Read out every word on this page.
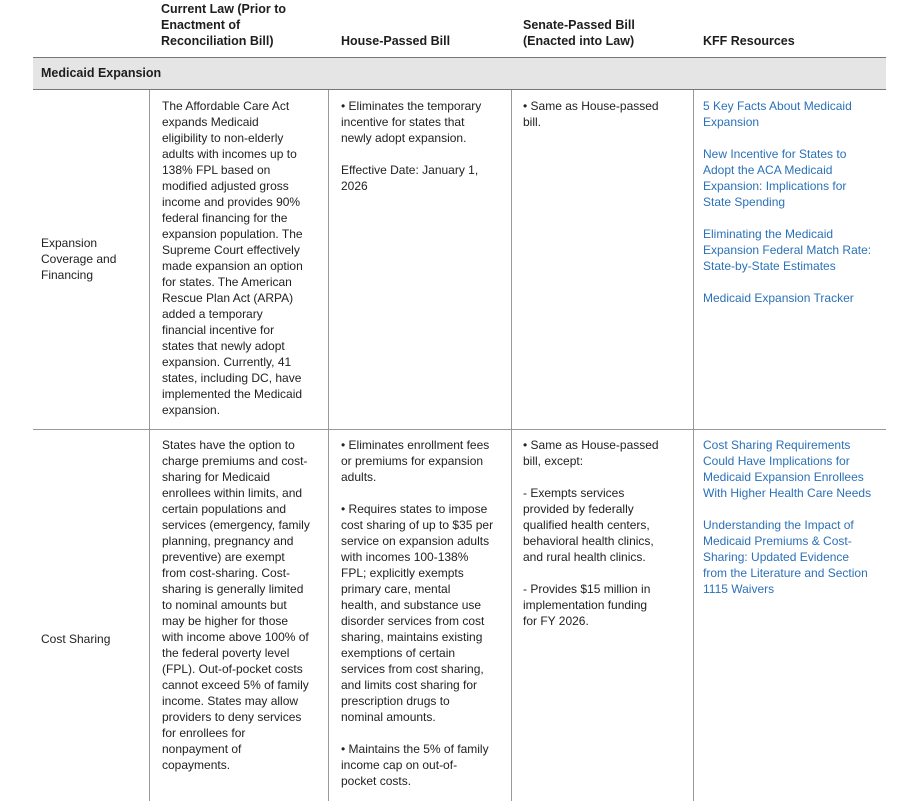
Current Law (Prior to
Enactment of
Reconciliation Bill)	House-Passed Bill
Senate-Passed Bill
(Enacted into Law)	KFF Resources
Medicaid Expansion
Expansion
Coverage and
Financing
The Affordable Care Act
expands Medicaid
eligibility to non-elderly
adults with incomes up to
138% FPL based on
modified adjusted gross
income and provides 90%
federal financing for the
expansion population. The
Supreme Court effectively
made expansion an option
for states. The American
Rescue Plan Act (ARPA)
added a temporary
financial incentive for
states that newly adopt
expansion. Currently, 41
states, including DC, have
implemented the Medicaid
expansion.
• Eliminates the temporary
incentive for states that
newly adopt expansion.

Effective Date: January 1,
2026
• Same as House-passed
bill.
5 Key Facts About Medicaid
Expansion
New Incentive for States to
Adopt the ACA Medicaid
Expansion: Implications for
State Spending
Eliminating the Medicaid
Expansion Federal Match Rate:
State-by-State Estimates
Medicaid Expansion Tracker
Cost Sharing
States have the option to
charge premiums and cost-
sharing for Medicaid
enrollees within limits, and
certain populations and
services (emergency, family
planning, pregnancy and
preventive) are exempt
from cost-sharing. Cost-
sharing is generally limited
to nominal amounts but
may be higher for those
with income above 100% of
the federal poverty level
(FPL). Out-of-pocket costs
cannot exceed 5% of family
income. States may allow
providers to deny services
for enrollees for
nonpayment of
copayments.
• Eliminates enrollment fees
or premiums for expansion
adults.

• Requires states to impose
cost sharing of up to $35 per
service on expansion adults
with incomes 100-138%
FPL; explicitly exempts
primary care, mental
health, and substance use
disorder services from cost
sharing, maintains existing
exemptions of certain
services from cost sharing,
and limits cost sharing for
prescription drugs to
nominal amounts.

• Maintains the 5% of family
income cap on out-of-
pocket costs.
• Same as House-passed
bill, except:

- Exempts services
provided by federally
qualified health centers,
behavioral health clinics,
and rural health clinics.

- Provides $15 million in
implementation funding
for FY 2026.
Cost Sharing Requirements
Could Have Implications for
Medicaid Expansion Enrollees
With Higher Health Care Needs
Understanding the Impact of
Medicaid Premiums & Cost-
Sharing: Updated Evidence
from the Literature and Section
1115 Waivers
